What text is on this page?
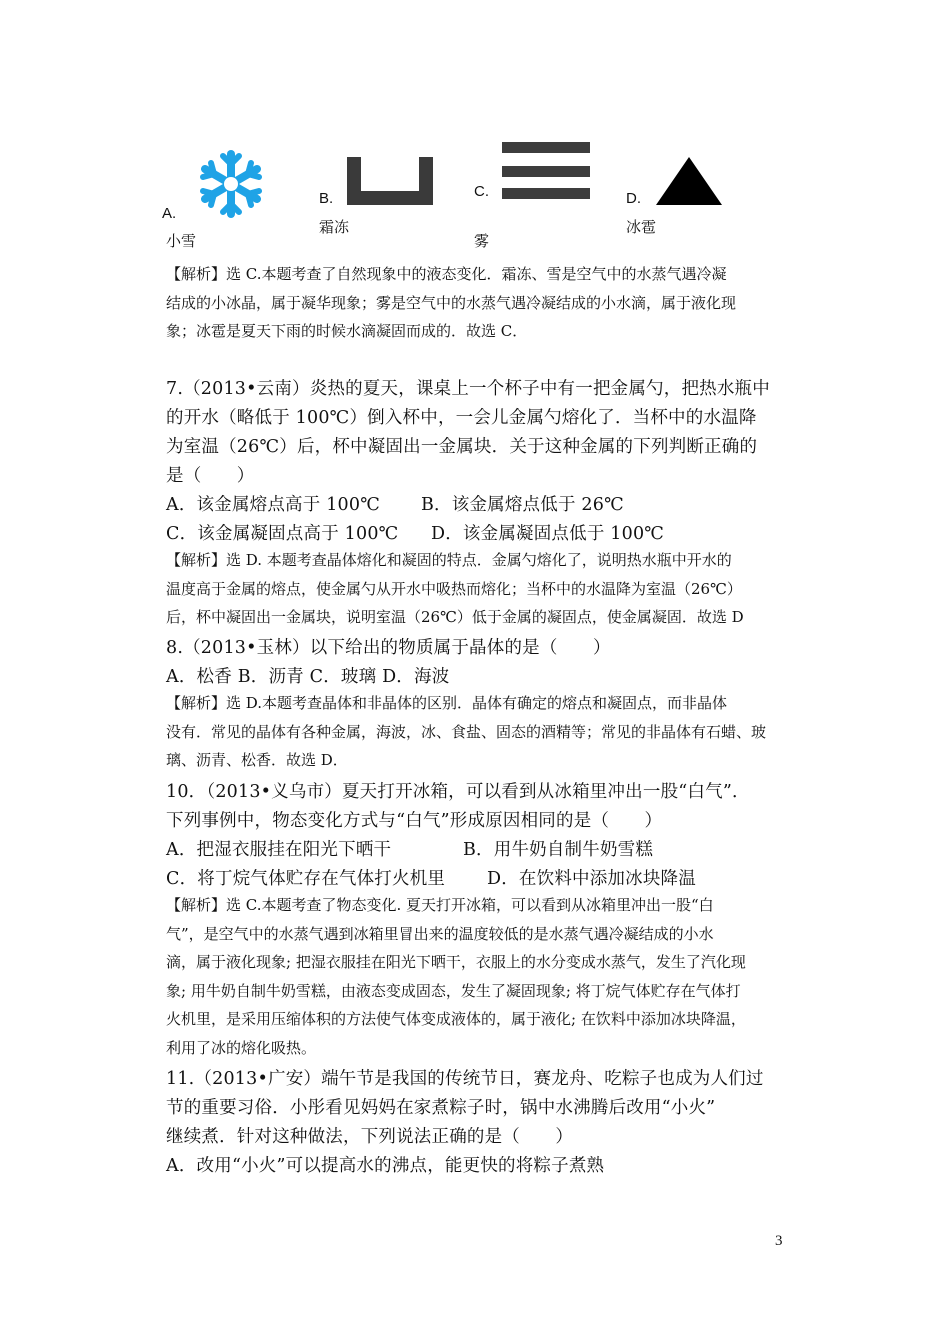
A.
小雪
B.
霜冻
C.
雾
D.
冰雹
【解析】选 C.本题考查了自然现象中的液态变化．霜冻、雪是空气中的水蒸气遇冷凝
结成的小冰晶，属于凝华现象；雾是空气中的水蒸气遇冷凝结成的小水滴，属于液化现
象；冰雹是夏天下雨的时候水滴凝固而成的．故选 C．
7.（2013•云南）炎热的夏天，课桌上一个杯子中有一把金属勺，把热水瓶中
的开水（略低于 100℃）倒入杯中，一会儿金属勺熔化了．当杯中的水温降
为室温（26℃）后，杯中凝固出一金属块．关于这种金属的下列判断正确的
是（　　）
A．该金属熔点高于 100℃ B．该金属熔点低于 26℃
C．该金属凝固点高于 100℃ D．该金属凝固点低于 100℃
【解析】选 D. 本题考查晶体熔化和凝固的特点．金属勺熔化了，说明热水瓶中开水的
温度高于金属的熔点，使金属勺从开水中吸热而熔化；当杯中的水温降为室温（26℃）
后，杯中凝固出一金属块，说明室温（26℃）低于金属的凝固点，使金属凝固．故选 D
8.（2013•玉林）以下给出的物质属于晶体的是（　　）
A．松香 B．沥青 C．玻璃 D．海波
【解析】选 D.本题考查晶体和非晶体的区别．晶体有确定的熔点和凝固点，而非晶体
没有．常见的晶体有各种金属，海波，冰、食盐、固态的酒精等；常见的非晶体有石蜡、玻
璃、沥青、松香．故选 D．
10．（2013•义乌市）夏天打开冰箱，可以看到从冰箱里冲出一股“白气”．
下列事例中，物态变化方式与“白气”形成原因相同的是（　　）
A．把湿衣服挂在阳光下晒干	B．用牛奶自制牛奶雪糕
C．将丁烷气体贮存在气体打火机里 D．在饮料中添加冰块降温
【解析】选 C.本题考查了物态变化. 夏天打开冰箱，可以看到从冰箱里冲出一股“白
气”，是空气中的水蒸气遇到冰箱里冒出来的温度较低的是水蒸气遇冷凝结成的小水
滴，属于液化现象; 把湿衣服挂在阳光下晒干，衣服上的水分变成水蒸气，发生了汽化现
象; 用牛奶自制牛奶雪糕，由液态变成固态，发生了凝固现象; 将丁烷气体贮存在气体打
火机里，是采用压缩体积的方法使气体变成液体的，属于液化; 在饮料中添加冰块降温，
利用了冰的熔化吸热。
11.（2013•广安）端午节是我国的传统节日，赛龙舟、吃粽子也成为人们过
节的重要习俗．小彤看见妈妈在家煮粽子时，锅中水沸腾后改用“小火”
继续煮．针对这种做法，下列说法正确的是（　　）
A．改用“小火”可以提高水的沸点，能更快的将粽子煮熟
3
